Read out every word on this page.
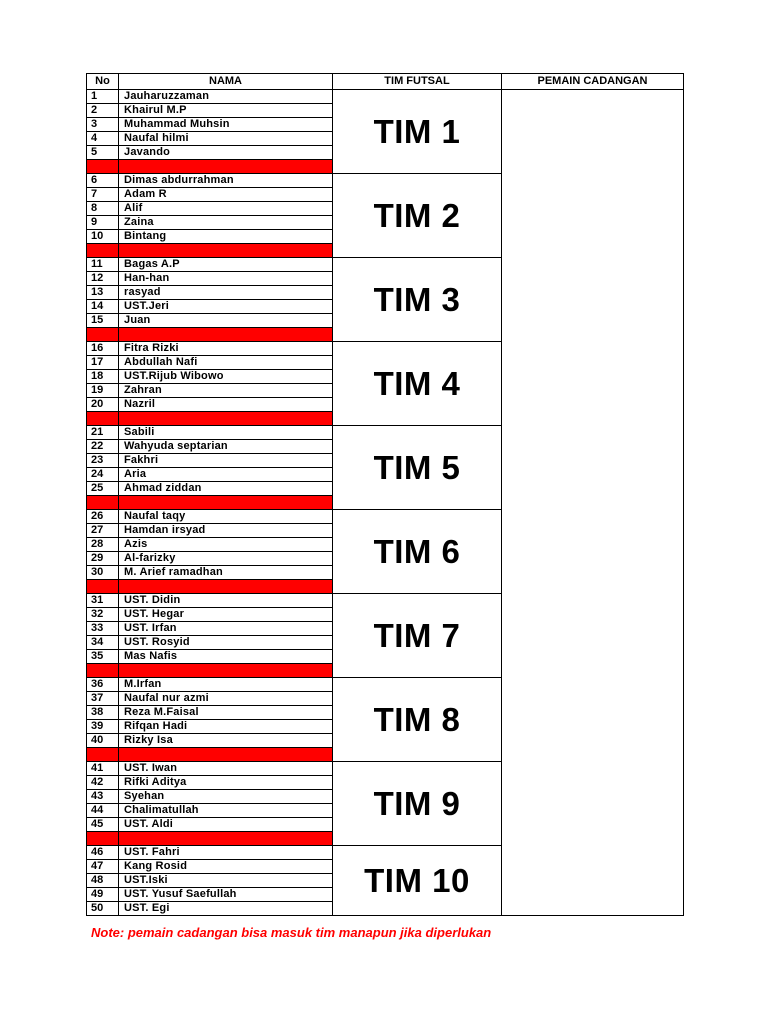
No	NAMA	TIM FUTSAL	PEMAIN CADANGAN
1	Jauharuzzaman	TIM 1	
2	Khairul M.P		
3	Muhammad Muhsin		
4	Naufal hilmi		
5	Javando		

6	Dimas abdurrahman	TIM 2	
7	Adam R		
8	Alif		
9	Zaina		
10	Bintang		

11	Bagas A.P	TIM 3	
12	Han-han		
13	rasyad		
14	UST.Jeri		
15	Juan		

16	Fitra Rizki	TIM 4	
17	Abdullah Nafi		
18	UST.Rijub Wibowo		
19	Zahran		
20	Nazril		

21	Sabili	TIM 5	
22	Wahyuda septarian		
23	Fakhri		
24	Aria		
25	Ahmad ziddan		

26	Naufal taqy	TIM 6	
27	Hamdan irsyad		
28	Azis		
29	Al-farizky		
30	M. Arief ramadhan		

31	UST. Didin	TIM 7	
32	UST. Hegar		
33	UST. Irfan		
34	UST. Rosyid		
35	Mas Nafis		

36	M.Irfan	TIM 8	
37	Naufal nur azmi		
38	Reza M.Faisal		
39	Rifqan Hadi		
40	Rizky Isa		

41	UST. Iwan	TIM 9	
42	Rifki Aditya		
43	Syehan		
44	Chalimatullah		
45	UST. Aldi		

46	UST. Fahri	TIM 10	
47	Kang Rosid		
48	UST.Iski		
49	UST. Yusuf Saefullah		
50	UST. Egi		
Note: pemain cadangan bisa masuk tim manapun jika diperlukan
